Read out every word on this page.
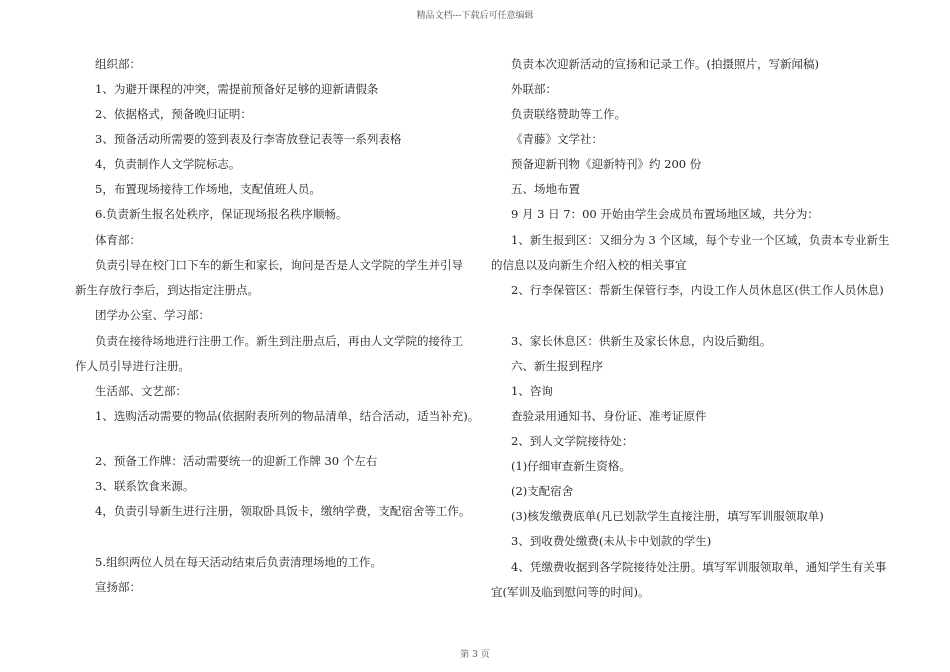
精品文档---下载后可任意编辑
组织部：
1、为避开课程的冲突，需提前预备好足够的迎新请假条
2、依据格式，预备晚归证明：
3、预备活动所需要的签到表及行李寄放登记表等一系列表格
4，负责制作人文学院标志。
5，布置现场接待工作场地，支配值班人员。
6.负责新生报名处秩序，保证现场报名秩序顺畅。
体育部：
负责引导在校门口下车的新生和家长，询问是否是人文学院的学生并引导
新生存放行李后，到达指定注册点。
团学办公室、学习部：
负责在接待场地进行注册工作。新生到注册点后，再由人文学院的接待工
作人员引导进行注册。
生活部、文艺部：
1、选购活动需要的物品(依据附表所列的物品清单，结合活动，适当补充)。
2、预备工作牌：活动需要统一的迎新工作牌 30 个左右
3、联系饮食来源。
4，负责引导新生进行注册，领取卧具饭卡，缴纳学费，支配宿舍等工作。
5.组织两位人员在每天活动结束后负责清理场地的工作。
宣扬部：
负责本次迎新活动的宣扬和记录工作。(拍摄照片，写新闻稿)
外联部：
负责联络赞助等工作。
《青藤》文学社：
预备迎新刊物《迎新特刊》约 200 份
五、场地布置
9 月 3 日 7：00 开始由学生会成员布置场地区域，共分为：
1、新生报到区：又细分为 3 个区域，每个专业一个区域，负责本专业新生
的信息以及向新生介绍入校的相关事宜
2、行李保管区：帮新生保管行李，内设工作人员休息区(供工作人员休息)
3、家长休息区：供新生及家长休息，内设后勤组。
六、新生报到程序
1、咨询
查验录用通知书、身份证、准考证原件
2、到人文学院接待处：
(1)仔细审查新生资格。
(2)支配宿舍
(3)核发缴费底单(凡已划款学生直接注册，填写军训服领取单)
3、到收费处缴费(未从卡中划款的学生)
4、凭缴费收据到各学院接待处注册。填写军训服领取单，通知学生有关事
宜(军训及临到慰问等的时间)。
第 3 页
